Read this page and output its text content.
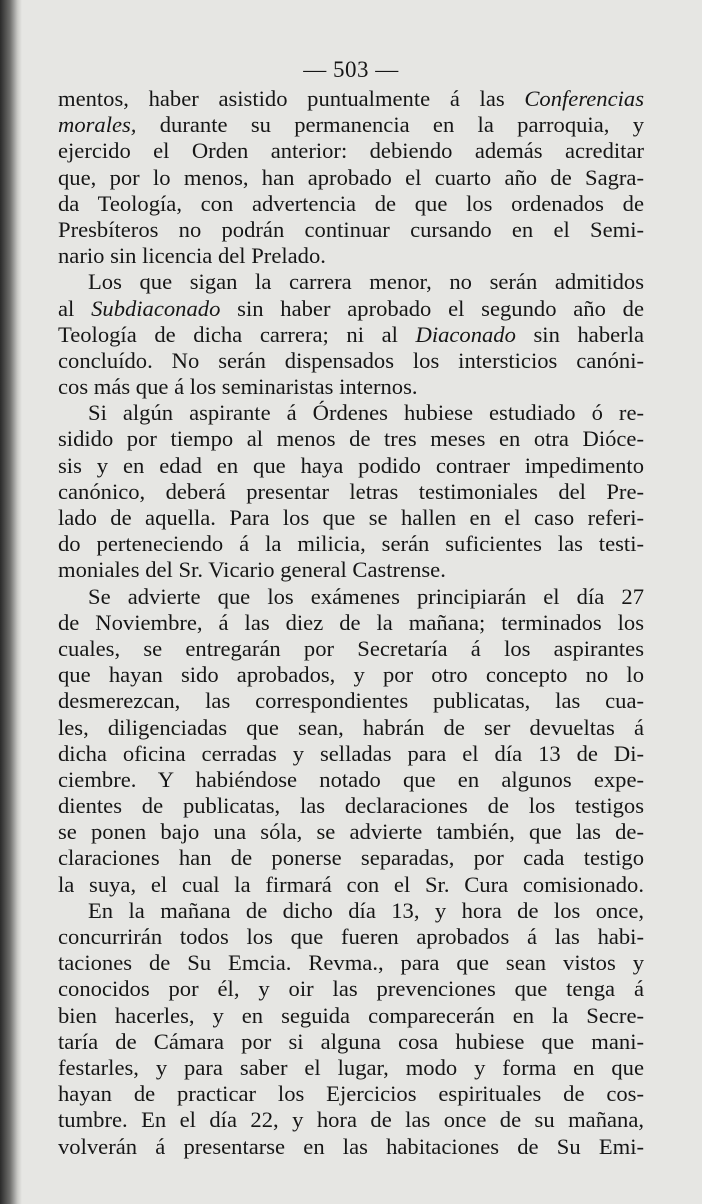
— 503 —
mentos, haber asistido puntualmente á las Conferencias
morales, durante su permanencia en la parroquia, y
ejercido el Orden anterior: debiendo además acreditar
que, por lo menos, han aprobado el cuarto año de Sagra-
da Teología, con advertencia de que los ordenados de
Presbíteros no podrán continuar cursando en el Semi-
nario sin licencia del Prelado.
Los que sigan la carrera menor, no serán admitidos
al Subdiaconado sin haber aprobado el segundo año de
Teología de dicha carrera; ni al Diaconado sin haberla
concluído. No serán dispensados los intersticios canóni-
cos más que á los seminaristas internos.
Si algún aspirante á Órdenes hubiese estudiado ó re-
sidido por tiempo al menos de tres meses en otra Dióce-
sis y en edad en que haya podido contraer impedimento
canónico, deberá presentar letras testimoniales del Pre-
lado de aquella. Para los que se hallen en el caso referi-
do perteneciendo á la milicia, serán suficientes las testi-
moniales del Sr. Vicario general Castrense.
Se advierte que los exámenes principiarán el día 27
de Noviembre, á las diez de la mañana; terminados los
cuales, se entregarán por Secretaría á los aspirantes
que hayan sido aprobados, y por otro concepto no lo
desmerezcan, las correspondientes publicatas, las cua-
les, diligenciadas que sean, habrán de ser devueltas á
dicha oficina cerradas y selladas para el día 13 de Di-
ciembre. Y habiéndose notado que en algunos expe-
dientes de publicatas, las declaraciones de los testigos
se ponen bajo una sóla, se advierte también, que las de-
claraciones han de ponerse separadas, por cada testigo
la suya, el cual la firmará con el Sr. Cura comisionado.
En la mañana de dicho día 13, y hora de los once,
concurrirán todos los que fueren aprobados á las habi-
taciones de Su Emcia. Revma., para que sean vistos y
conocidos por él, y oir las prevenciones que tenga á
bien hacerles, y en seguida comparecerán en la Secre-
taría de Cámara por si alguna cosa hubiese que mani-
festarles, y para saber el lugar, modo y forma en que
hayan de practicar los Ejercicios espirituales de cos-
tumbre. En el día 22, y hora de las once de su mañana,
volverán á presentarse en las habitaciones de Su Emi-
